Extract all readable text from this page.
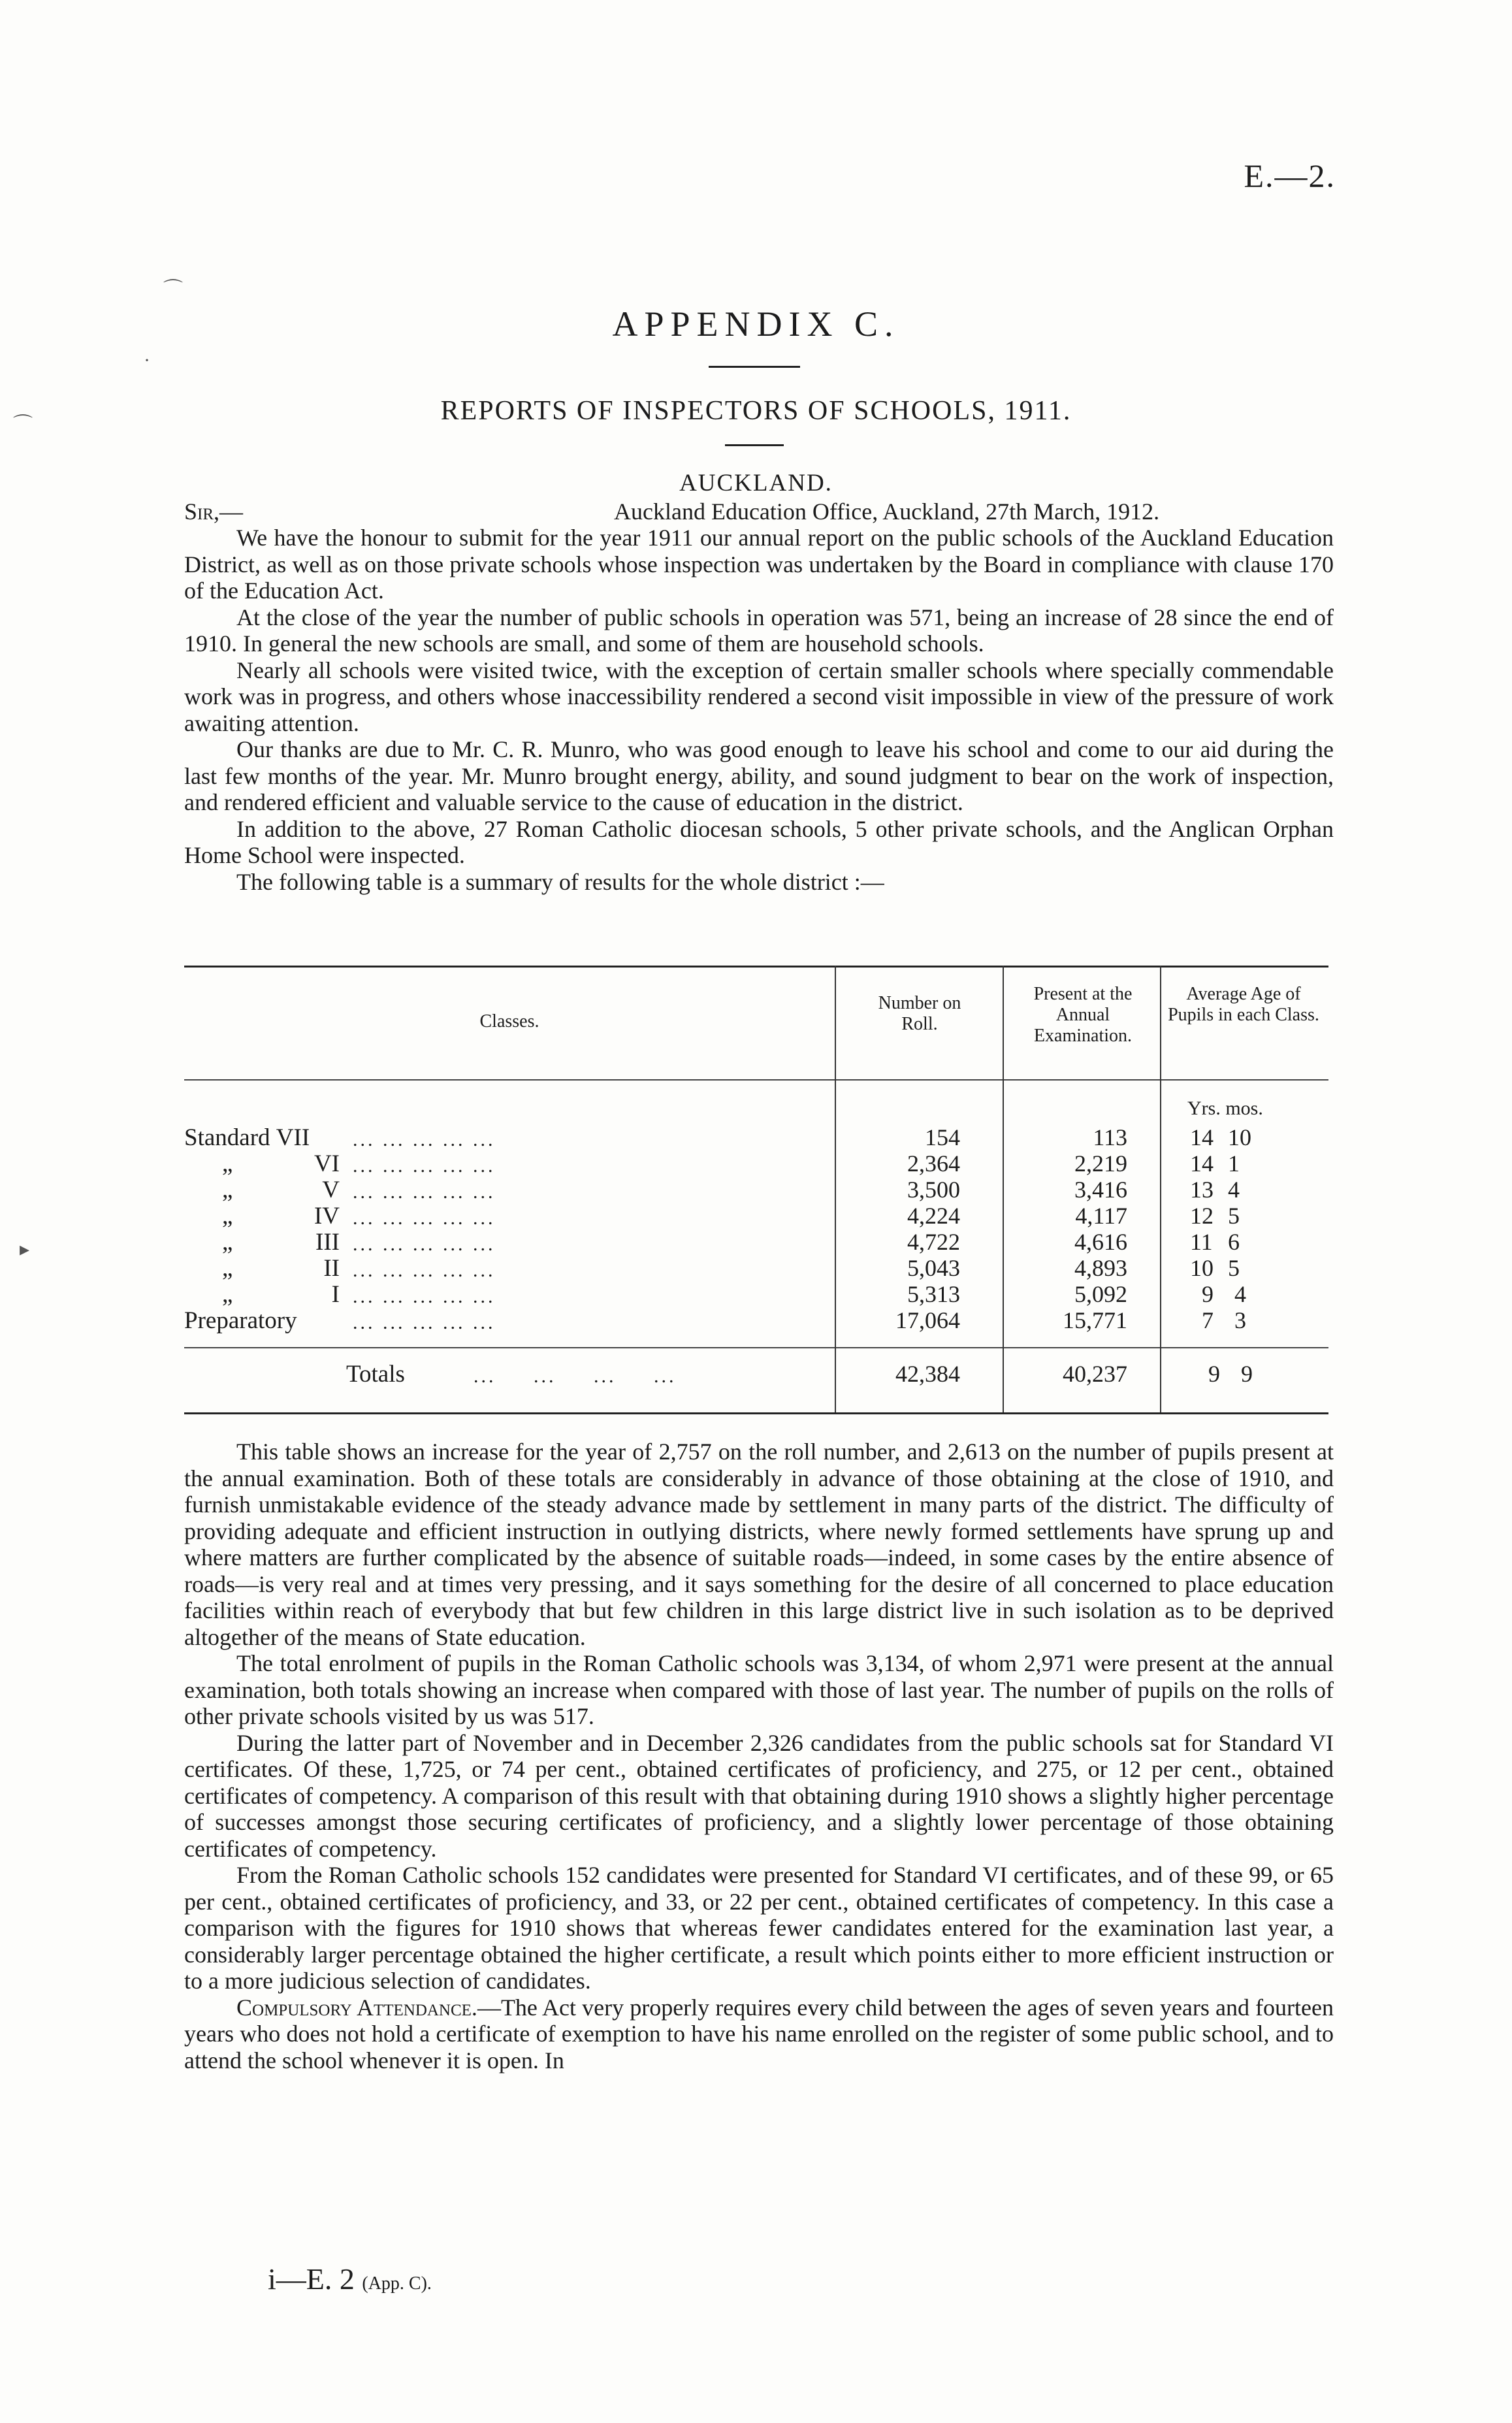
E.—2.
APPENDIX C.
REPORTS OF INSPECTORS OF SCHOOLS, 1911.
AUCKLAND.
Sir,—	Auckland Education Office, Auckland, 27th March, 1912.

We have the honour to submit for the year 1911 our annual report on the public schools of the Auckland Education District, as well as on those private schools whose inspection was undertaken by the Board in compliance with clause 170 of the Education Act.

At the close of the year the number of public schools in operation was 571, being an increase of 28 since the end of 1910. In general the new schools are small, and some of them are household schools.

Nearly all schools were visited twice, with the exception of certain smaller schools where specially commendable work was in progress, and others whose inaccessibility rendered a second visit impossible in view of the pressure of work awaiting attention.

Our thanks are due to Mr. C. R. Munro, who was good enough to leave his school and come to our aid during the last few months of the year. Mr. Munro brought energy, ability, and sound judgment to bear on the work of inspection, and rendered efficient and valuable service to the cause of education in the district.

In addition to the above, 27 Roman Catholic diocesan schools, 5 other private schools, and the Anglican Orphan Home School were inspected.

The following table is a summary of results for the whole district :—

Classes.
Number on Roll.
Present at the Annual Examination.
Average Age of Pupils in each Class.
Yrs. mos.
Standard VII ... ... ... ... ...	154	113	14 10
„	VI ... ... ... ... ...	2,364	2,219	14 1
„	V ... ... ... ... ...	3,500	3,416	13 4
„	IV ... ... ... ... ...	4,224	4,117	12 5
„	III ... ... ... ... ...	4,722	4,616	11 6
„	II ... ... ... ... ...	5,043	4,893	10 5
„	I ... ... ... ... ...	5,313	5,092	9 4
Preparatory	... ... ... ... ...	17,064	15,771	7 3
Totals	... ... ... ...	42,384	40,237	9 9

This table shows an increase for the year of 2,757 on the roll number, and 2,613 on the number of pupils present at the annual examination. Both of these totals are considerably in advance of those obtaining at the close of 1910, and furnish unmistakable evidence of the steady advance made by settlement in many parts of the district. The difficulty of providing adequate and efficient instruction in outlying districts, where newly formed settlements have sprung up and where matters are further complicated by the absence of suitable roads—indeed, in some cases by the entire absence of roads—is very real and at times very pressing, and it says something for the desire of all concerned to place education facilities within reach of everybody that but few children in this large district live in such isolation as to be deprived altogether of the means of State education.

The total enrolment of pupils in the Roman Catholic schools was 3,134, of whom 2,971 were present at the annual examination, both totals showing an increase when compared with those of last year. The number of pupils on the rolls of other private schools visited by us was 517.

During the latter part of November and in December 2,326 candidates from the public schools sat for Standard VI certificates. Of these, 1,725, or 74 per cent., obtained certificates of proficiency, and 275, or 12 per cent., obtained certificates of competency. A comparison of this result with that obtaining during 1910 shows a slightly higher percentage of successes amongst those securing certificates of proficiency, and a slightly lower percentage of those obtaining certificates of competency.

From the Roman Catholic schools 152 candidates were presented for Standard VI certificates, and of these 99, or 65 per cent., obtained certificates of proficiency, and 33, or 22 per cent., obtained certificates of competency. In this case a comparison with the figures for 1910 shows that whereas fewer candidates entered for the examination last year, a considerably larger percentage obtained the higher certificate, a result which points either to more efficient instruction or to a more judicious selection of candidates.

Compulsory Attendance.—The Act very properly requires every child between the ages of seven years and fourteen years who does not hold a certificate of exemption to have his name enrolled on the register of some public school, and to attend the school whenever it is open. In

i—E. 2 (App. C).
⌒
·
⌒
▸
